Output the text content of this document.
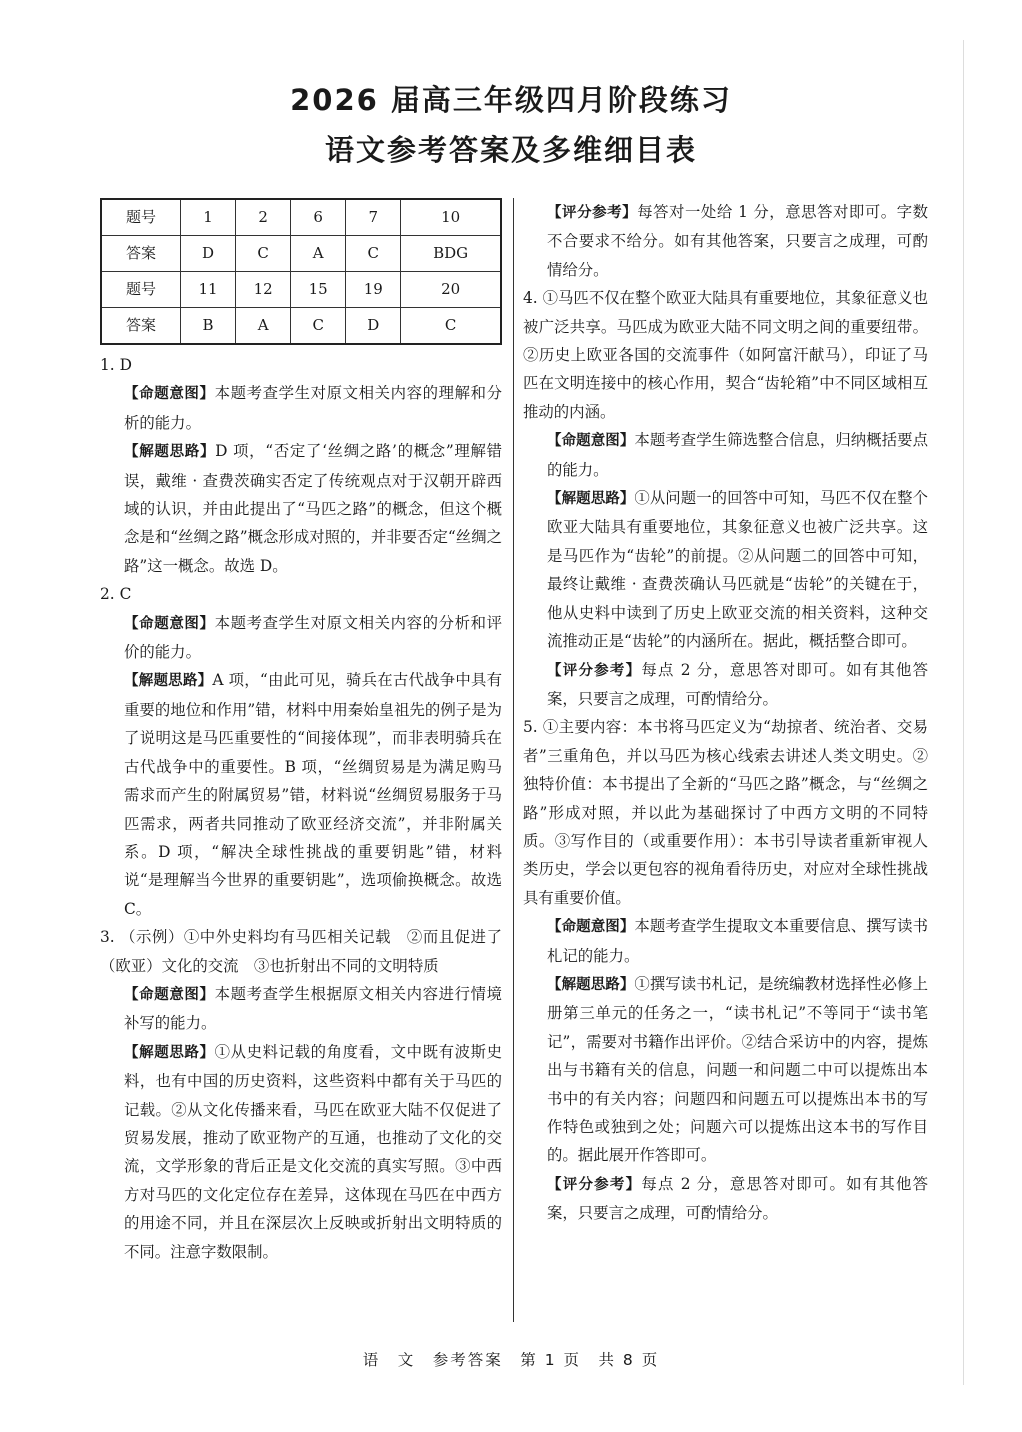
2026 届高三年级四月阶段练习
语文参考答案及多维细目表
题号	1	2	6	7	10
答案	D	C	A	C	BDG
题号	11	12	15	19	20
答案	B	A	C	D	C

1. D

【命题意图】本题考查学生对原文相关内容的理解和分析的能力。

【解题思路】D 项，“否定了‘丝绸之路’的概念”理解错误，戴维 · 查费茨确实否定了传统观点对于汉朝开辟西域的认识，并由此提出了“马匹之路”的概念，但这个概念是和“丝绸之路”概念形成对照的，并非要否定“丝绸之路”这一概念。故选 D。

2. C

【命题意图】本题考查学生对原文相关内容的分析和评价的能力。

【解题思路】A 项，“由此可见，骑兵在古代战争中具有重要的地位和作用”错，材料中用秦始皇祖先的例子是为了说明这是马匹重要性的“间接体现”，而非表明骑兵在古代战争中的重要性。B 项，“丝绸贸易是为满足购马需求而产生的附属贸易”错，材料说“丝绸贸易服务于马匹需求，两者共同推动了欧亚经济交流”，并非附属关系。D 项，“解决全球性挑战的重要钥匙”错，材料说“是理解当今世界的重要钥匙”，选项偷换概念。故选 C。

3. （示例）①中外史料均有马匹相关记载　②而且促进了（欧亚）文化的交流　③也折射出不同的文明特质

【命题意图】本题考查学生根据原文相关内容进行情境补写的能力。

【解题思路】①从史料记载的角度看，文中既有波斯史料，也有中国的历史资料，这些资料中都有关于马匹的记载。②从文化传播来看，马匹在欧亚大陆不仅促进了贸易发展，推动了欧亚物产的互通，也推动了文化的交流，文学形象的背后正是文化交流的真实写照。③中西方对马匹的文化定位存在差异，这体现在马匹在中西方的用途不同，并且在深层次上反映或折射出文明特质的不同。注意字数限制。

【评分参考】每答对一处给 1 分，意思答对即可。字数不合要求不给分。如有其他答案，只要言之成理，可酌情给分。

4. ①马匹不仅在整个欧亚大陆具有重要地位，其象征意义也被广泛共享。马匹成为欧亚大陆不同文明之间的重要纽带。②历史上欧亚各国的交流事件（如阿富汗献马），印证了马匹在文明连接中的核心作用，契合“齿轮箱”中不同区域相互推动的内涵。

【命题意图】本题考查学生筛选整合信息，归纳概括要点的能力。

【解题思路】①从问题一的回答中可知，马匹不仅在整个欧亚大陆具有重要地位，其象征意义也被广泛共享。这是马匹作为“齿轮”的前提。②从问题二的回答中可知，最终让戴维 · 查费茨确认马匹就是“齿轮”的关键在于，他从史料中读到了历史上欧亚交流的相关资料，这种交流推动正是“齿轮”的内涵所在。据此，概括整合即可。

【评分参考】每点 2 分，意思答对即可。如有其他答案，只要言之成理，可酌情给分。

5. ①主要内容：本书将马匹定义为“劫掠者、统治者、交易者”三重角色，并以马匹为核心线索去讲述人类文明史。②独特价值：本书提出了全新的“马匹之路”概念，与“丝绸之路”形成对照，并以此为基础探讨了中西方文明的不同特质。③写作目的（或重要作用）：本书引导读者重新审视人类历史，学会以更包容的视角看待历史，对应对全球性挑战具有重要价值。

【命题意图】本题考查学生提取文本重要信息、撰写读书札记的能力。

【解题思路】①撰写读书札记，是统编教材选择性必修上册第三单元的任务之一，“读书札记”不等同于“读书笔记”，需要对书籍作出评价。②结合采访中的内容，提炼出与书籍有关的信息，问题一和问题二中可以提炼出本书中的有关内容；问题四和问题五可以提炼出本书的写作特色或独到之处；问题六可以提炼出这本书的写作目的。据此展开作答即可。

【评分参考】每点 2 分，意思答对即可。如有其他答案，只要言之成理，可酌情给分。

语　文　参考答案　第 1 页　共 8 页
